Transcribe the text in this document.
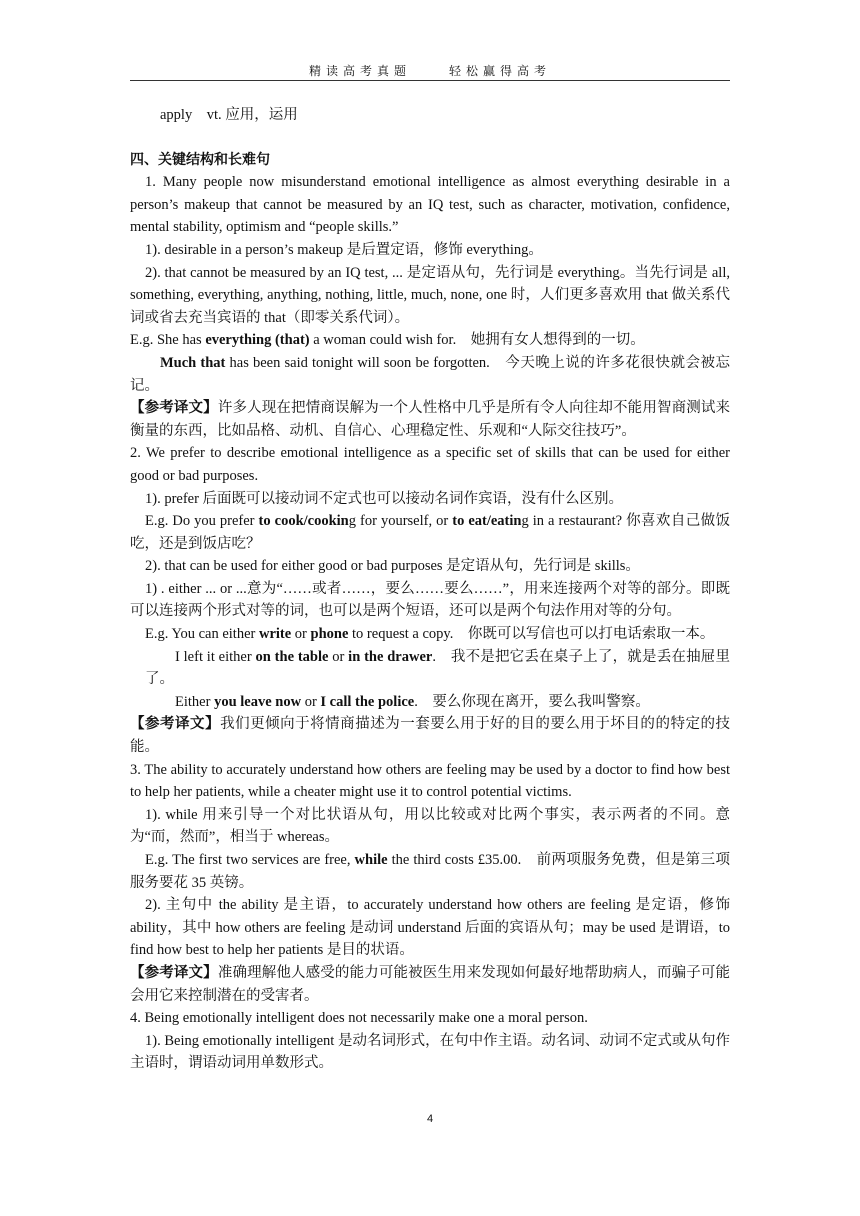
精读高考真题	轻松赢得高考

apply　vt. 应用，运用

四、关键结构和长难句

1. Many people now misunderstand emotional intelligence as almost everything desirable in a person’s makeup that cannot be measured by an IQ test, such as character, motivation, confidence, mental stability, optimism and “people skills.”

1). desirable in a person’s makeup 是后置定语，修饰 everything。

2). that cannot be measured by an IQ test, ... 是定语从句，先行词是 everything。当先行词是 all, something, everything, anything, nothing, little, much, none, one 时，人们更多喜欢用 that 做关系代词或省去充当宾语的 that（即零关系代词）。

E.g. She has everything (that) a woman could wish for.　她拥有女人想得到的一切。

Much that has been said tonight will soon be forgotten.　今天晚上说的许多花很快就会被忘记。

【参考译文】许多人现在把情商误解为一个人性格中几乎是所有令人向往却不能用智商测试来衡量的东西，比如品格、动机、自信心、心理稳定性、乐观和“人际交往技巧”。

2. We prefer to describe emotional intelligence as a specific set of skills that can be used for either good or bad purposes.

1). prefer 后面既可以接动词不定式也可以接动名词作宾语，没有什么区别。

E.g. Do you prefer to cook/cooking for yourself, or to eat/eating in a restaurant? 你喜欢自己做饭吃，还是到饭店吃？

2). that can be used for either good or bad purposes 是定语从句，先行词是 skills。

1) . either ... or ...意为“……或者……，要么……要么……”，用来连接两个对等的部分。即既可以连接两个形式对等的词，也可以是两个短语，还可以是两个句法作用对等的分句。

E.g. You can either write or phone to request a copy.　你既可以写信也可以打电话索取一本。

I left it either on the table or in the drawer.　我不是把它丢在桌子上了，就是丢在抽屉里了。

Either you leave now or I call the police.　要么你现在离开，要么我叫警察。

【参考译文】我们更倾向于将情商描述为一套要么用于好的目的要么用于坏目的的特定的技能。

3. The ability to accurately understand how others are feeling may be used by a doctor to find how best to help her patients, while a cheater might use it to control potential victims.

1). while 用来引导一个对比状语从句，用以比较或对比两个事实，表示两者的不同。意为“而，然而”，相当于 whereas。

E.g. The first two services are free, while the third costs £35.00.　前两项服务免费，但是第三项服务要花 35 英镑。

2). 主句中 the ability 是主语，to accurately understand how others are feeling 是定语，修饰 ability，其中 how others are feeling 是动词 understand 后面的宾语从句；may be used 是谓语，to find how best to help her patients 是目的状语。

【参考译文】准确理解他人感受的能力可能被医生用来发现如何最好地帮助病人，而骗子可能会用它来控制潜在的受害者。

4. Being emotionally intelligent does not necessarily make one a moral person.

1). Being emotionally intelligent 是动名词形式，在句中作主语。动名词、动词不定式或从句作主语时，谓语动词用单数形式。

4
